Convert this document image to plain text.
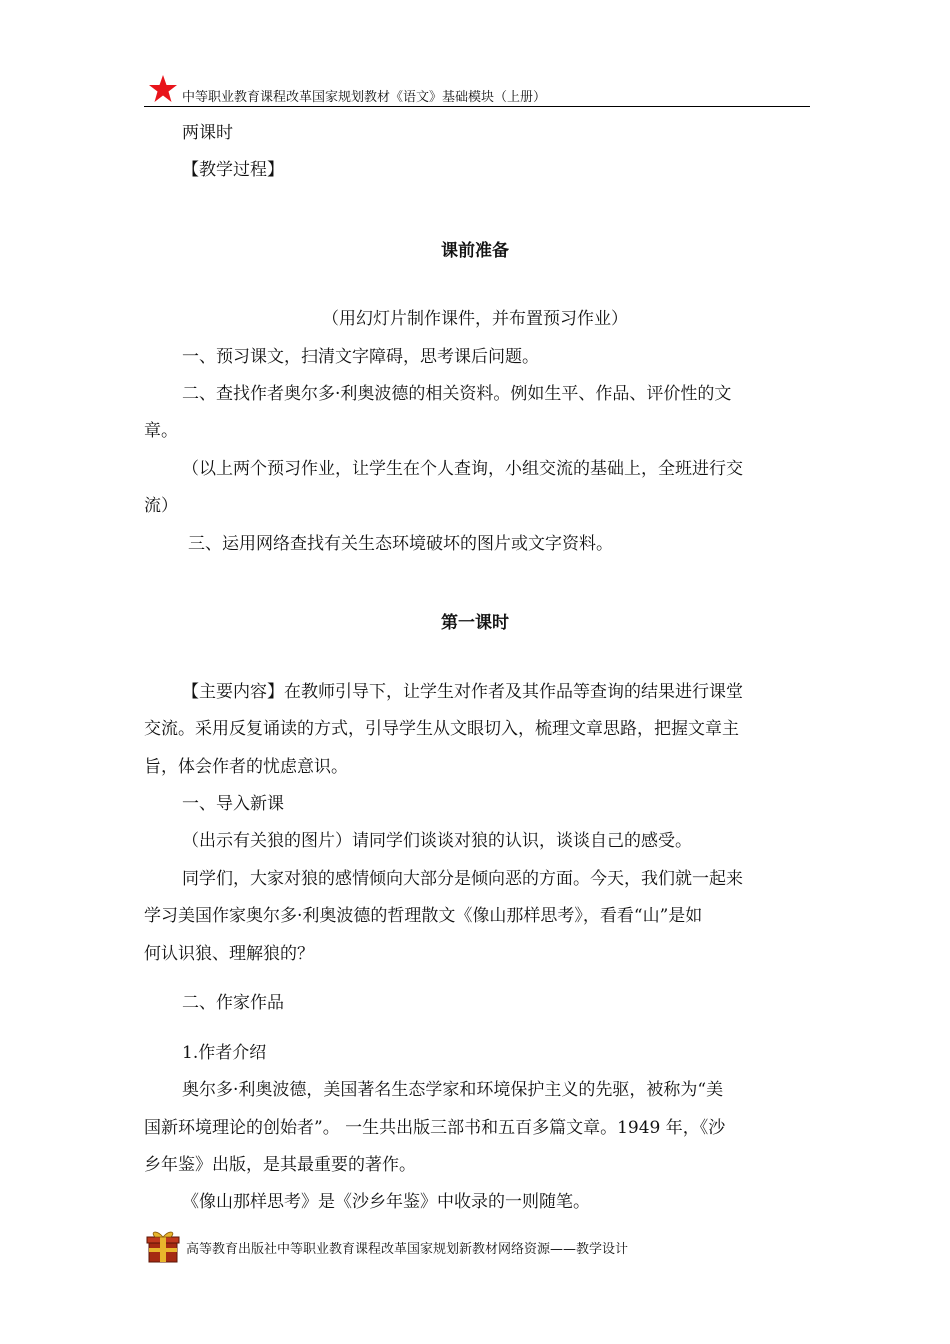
中等职业教育课程改革国家规划教材《语文》基础模块（上册）
两课时
【教学过程】
课前准备
（用幻灯片制作课件，并布置预习作业）
一、预习课文，扫清文字障碍，思考课后问题。
二、查找作者奥尔多·利奥波德的相关资料。例如生平、作品、评价性的文
章。
（以上两个预习作业，让学生在个人查询，小组交流的基础上，全班进行交
流）
三、运用网络查找有关生态环境破坏的图片或文字资料。
第一课时
【主要内容】在教师引导下，让学生对作者及其作品等查询的结果进行课堂
交流。采用反复诵读的方式，引导学生从文眼切入，梳理文章思路，把握文章主
旨，体会作者的忧虑意识。
一、导入新课
（出示有关狼的图片）请同学们谈谈对狼的认识，谈谈自己的感受。
同学们，大家对狼的感情倾向大部分是倾向恶的方面。今天，我们就一起来
学习美国作家奥尔多·利奥波德的哲理散文《像山那样思考》，看看“山”是如
何认识狼、理解狼的？
二、作家作品
1.作者介绍
奥尔多·利奥波德，美国著名生态学家和环境保护主义的先驱，被称为“美
国新环境理论的创始者”。 一生共出版三部书和五百多篇文章。1949 年，《沙
乡年鉴》出版，是其最重要的著作。
《像山那样思考》是《沙乡年鉴》中收录的一则随笔。
高等教育出版社中等职业教育课程改革国家规划新教材网络资源——教学设计
